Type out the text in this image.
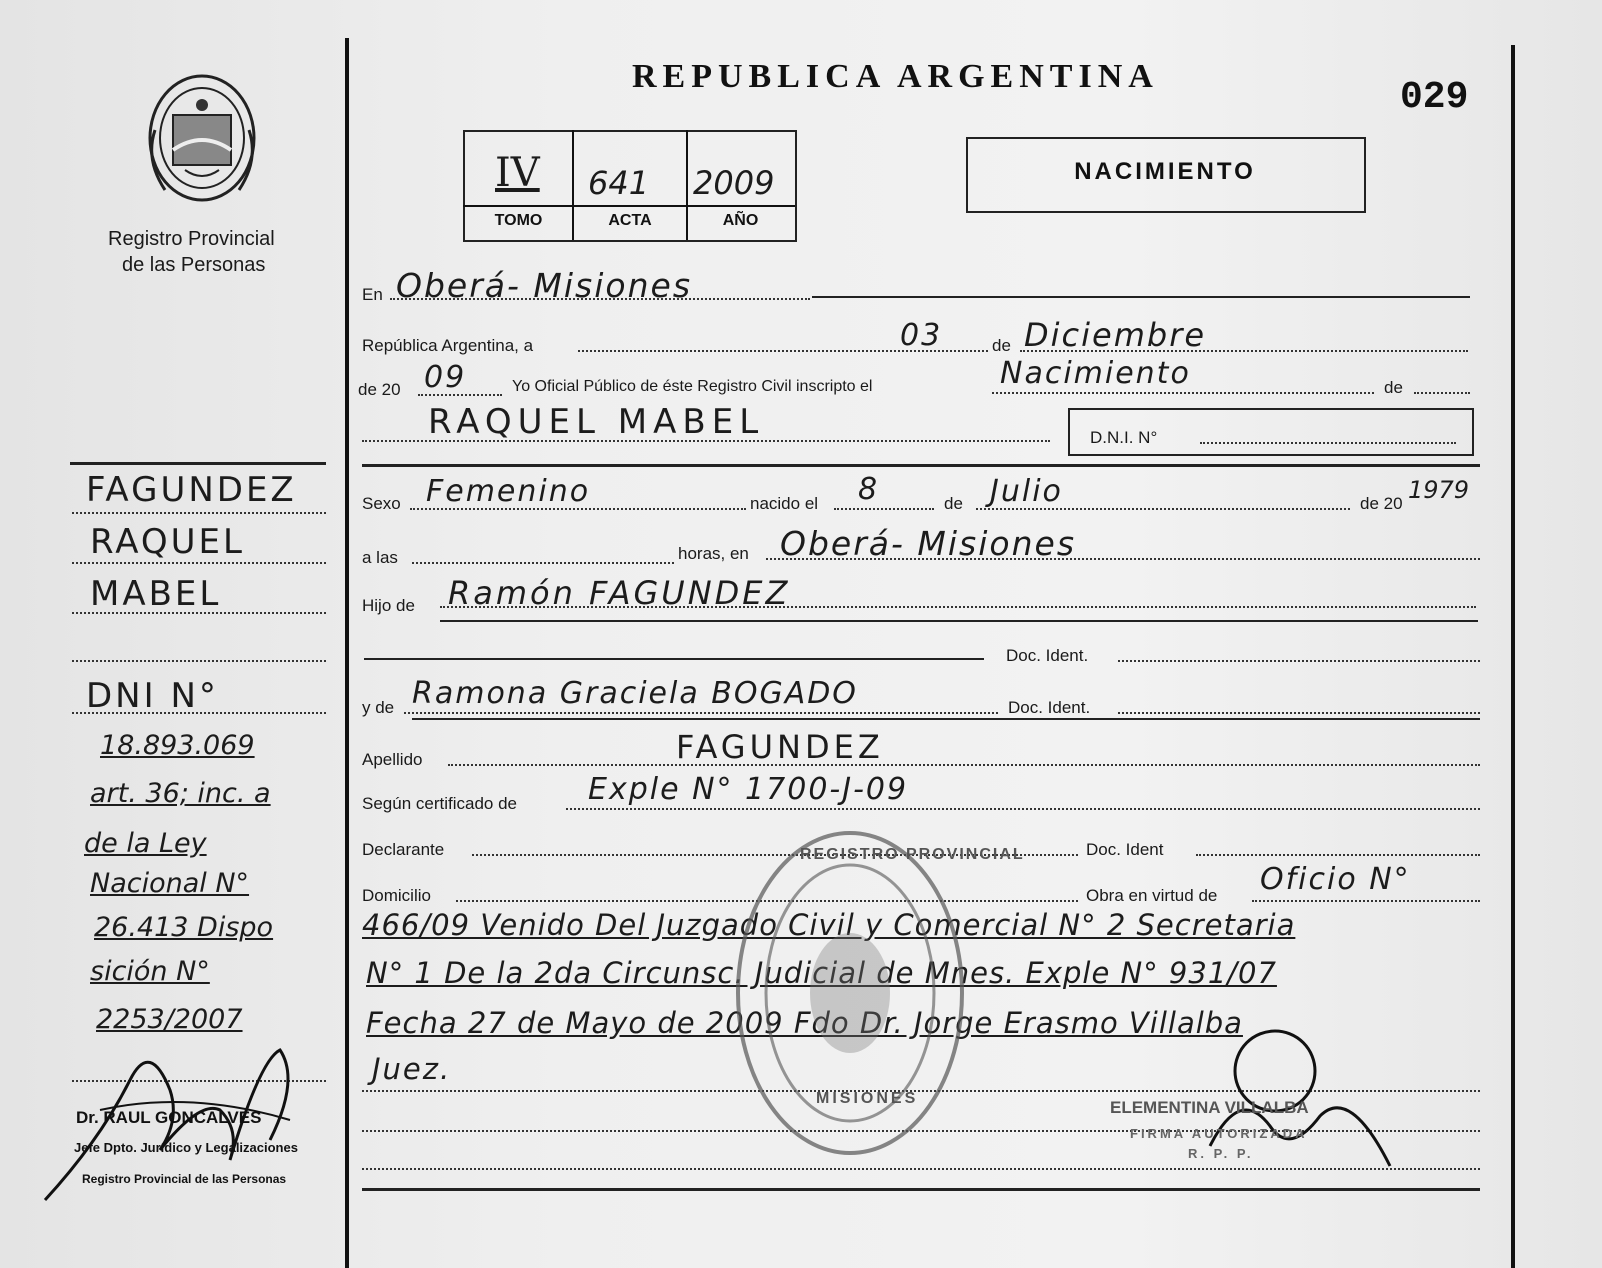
Registro Provincial
de las Personas
REPUBLICA ARGENTINA	029
IV 641 2009
TOMO	ACTA	AÑO
NACIMIENTO
En Oberá- Misiones
República Argentina, a	03	de Diciembre
de 20 09	Yo Oficial Público de éste Registro Civil inscripto el	Nacimiento	de
RAQUEL MABEL	D.N.I. N°
Sexo Femenino	nacido el 8	de Julio	de 20 1979
a las	horas, en Oberá- Misiones
Hijo de Ramón FAGUNDEZ
Doc. Ident.
y de Ramona Graciela BOGADO	Doc. Ident.
Apellido	FAGUNDEZ
Según certificado de Exple N° 1700-J-09
Declarante	Doc. Ident
Domicilio	Obra en virtud de Oficio N°
466/09 Venido Del Juzgado Civil y Comercial N° 2 Secretaria
N° 1 De la 2da Circunsc. Judicial de Mnes. Exple N° 931/07
Fecha 27 de Mayo de 2009 Fdo Dr. Jorge Erasmo Villalba
Juez.
FAGUNDEZ
RAQUEL
MABEL
DNI N°
18.893.069
art. 36; inc. a
de la Ley
Nacional N°
26.413 Dispo
sición N°
2253/2007
Dr. RAUL GONCALVES
Jefe Dpto. Jurídico y Legalizaciones
Registro Provincial de las Personas
REGISTRO PROVINCIAL
MISIONES	ELEMENTINA VILLALBA
FIRMA AUTORIZADA
R. P. P.
